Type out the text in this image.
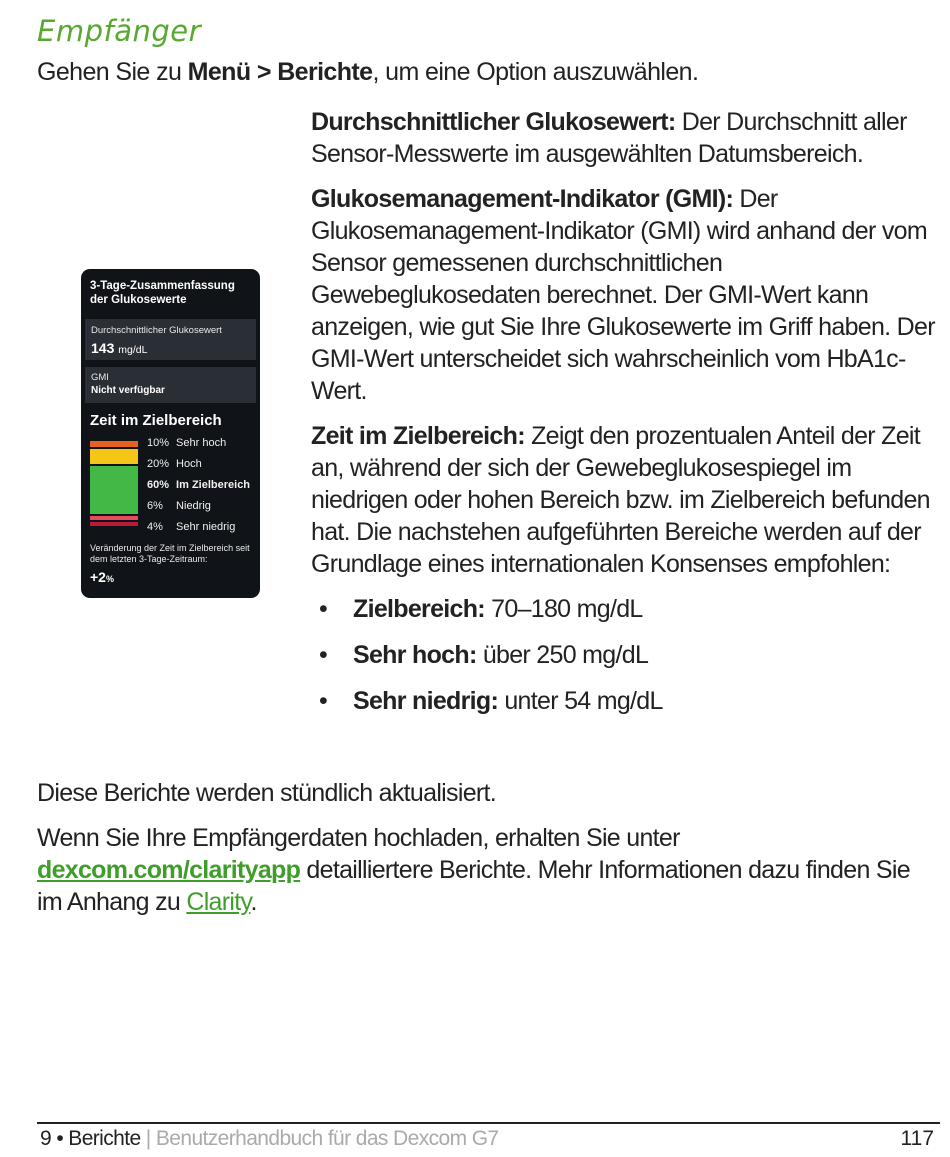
Empfänger
Gehen Sie zu Menü > Berichte, um eine Option auszuwählen.
3-Tage-Zusammenfassung der Glukosewerte
Durchschnittlicher Glukosewert
143 mg/dL
GMI
Nicht verfügbar
Zeit im Zielbereich
10% Sehr hoch
20% Hoch
60% Im Zielbereich
6% Niedrig
4% Sehr niedrig
Veränderung der Zeit im Zielbereich seit dem letzten 3-Tage-Zeitraum:
+2%

Durchschnittlicher Glukosewert: Der Durchschnitt aller Sensor-Messwerte im ausgewählten Datumsbereich.

Glukosemanagement-Indikator (GMI): Der Glukosemanagement-Indikator (GMI) wird anhand der vom Sensor gemessenen durchschnittlichen Gewebeglukosedaten berechnet. Der GMI-Wert kann anzeigen, wie gut Sie Ihre Glukosewerte im Griff haben. Der GMI-Wert unterscheidet sich wahrscheinlich vom HbA1c-Wert.

Zeit im Zielbereich: Zeigt den prozentualen Anteil der Zeit an, während der sich der Gewebeglukosespiegel im niedrigen oder hohen Bereich bzw. im Zielbereich befunden hat. Die nachstehen aufgeführten Bereiche werden auf der Grundlage eines internationalen Konsenses empfohlen:

• Zielbereich: 70–180 mg/dL
• Sehr hoch: über 250 mg/dL
• Sehr niedrig: unter 54 mg/dL

Diese Berichte werden stündlich aktualisiert.

Wenn Sie Ihre Empfängerdaten hochladen, erhalten Sie unter dexcom.com/clarityapp detailliertere Berichte. Mehr Informationen dazu finden Sie im Anhang zu Clarity.

9 • Berichte | Benutzerhandbuch für das Dexcom G7	117
